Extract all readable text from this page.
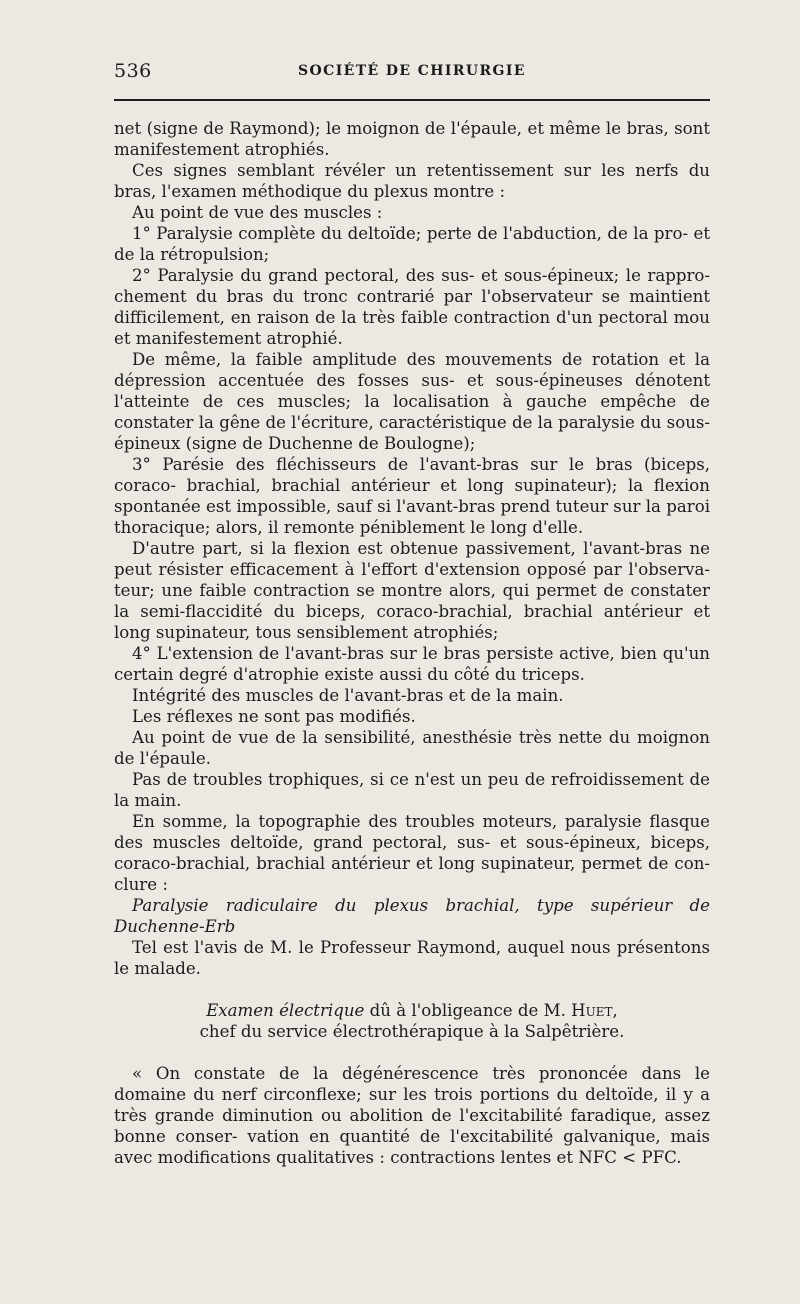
536	SOCIÉTÉ DE CHIRURGIE

net (signe de Raymond); le moignon de l'épaule, et même le bras, sont manifestement atrophiés.

Ces signes semblant révéler un retentissement sur les nerfs du bras, l'examen méthodique du plexus montre :

Au point de vue des muscles :

1° Paralysie complète du deltoïde; perte de l'abduction, de la pro- et de la rétropulsion;

2° Paralysie du grand pectoral, des sus- et sous-épineux; le rappro- chement du bras du tronc contrarié par l'observateur se maintient difficilement, en raison de la très faible contraction d'un pectoral mou et manifestement atrophié.

De même, la faible amplitude des mouvements de rotation et la dépression accentuée des fosses sus- et sous-épineuses dénotent l'atteinte de ces muscles; la localisation à gauche empêche de constater la gêne de l'écriture, caractéristique de la paralysie du sous-épineux (signe de Duchenne de Boulogne);

3° Parésie des fléchisseurs de l'avant-bras sur le bras (biceps, coraco- brachial, brachial antérieur et long supinateur); la flexion spontanée est impossible, sauf si l'avant-bras prend tuteur sur la paroi thoracique; alors, il remonte péniblement le long d'elle.

D'autre part, si la flexion est obtenue passivement, l'avant-bras ne peut résister efficacement à l'effort d'extension opposé par l'observa- teur; une faible contraction se montre alors, qui permet de constater la semi-flaccidité du biceps, coraco-brachial, brachial antérieur et long supinateur, tous sensiblement atrophiés;

4° L'extension de l'avant-bras sur le bras persiste active, bien qu'un certain degré d'atrophie existe aussi du côté du triceps.

Intégrité des muscles de l'avant-bras et de la main.

Les réflexes ne sont pas modifiés.

Au point de vue de la sensibilité, anesthésie très nette du moignon de l'épaule.

Pas de troubles trophiques, si ce n'est un peu de refroidissement de la main.

En somme, la topographie des troubles moteurs, paralysie flasque des muscles deltoïde, grand pectoral, sus- et sous-épineux, biceps, coraco-brachial, brachial antérieur et long supinateur, permet de con- clure :

Paralysie radiculaire du plexus brachial, type supérieur de Duchenne-Erb

Tel est l'avis de M. le Professeur Raymond, auquel nous présentons le malade.

Examen électrique dû à l'obligeance de M. Huet,
chef du service électrothérapique à la Salpêtrière.

« On constate de la dégénérescence très prononcée dans le domaine du nerf circonflexe; sur les trois portions du deltoïde, il y a très grande diminution ou abolition de l'excitabilité faradique, assez bonne conser- vation en quantité de l'excitabilité galvanique, mais avec modifications qualitatives : contractions lentes et NFC < PFC.
